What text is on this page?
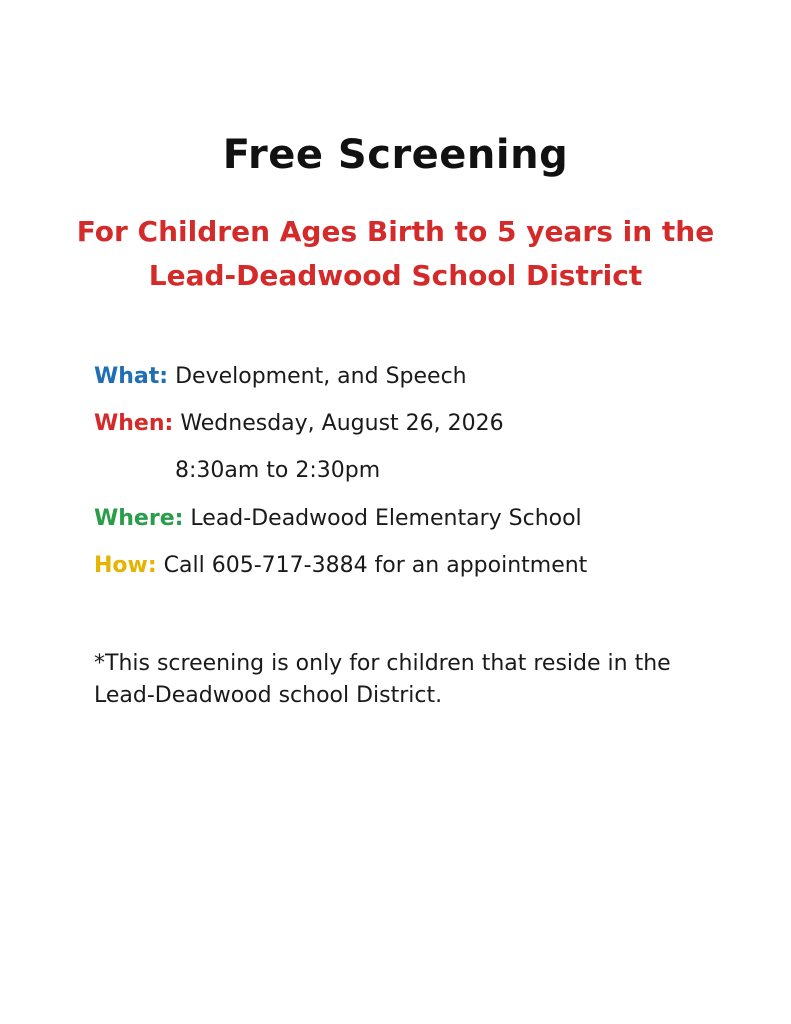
Free Screening
For Children Ages Birth to 5 years in the Lead-Deadwood School District
What: Development, and Speech
When: Wednesday, August 26, 2026
8:30am to 2:30pm
Where: Lead-Deadwood Elementary School
How: Call 605-717-3884 for an appointment
*This screening is only for children that reside in the Lead-Deadwood school District.
